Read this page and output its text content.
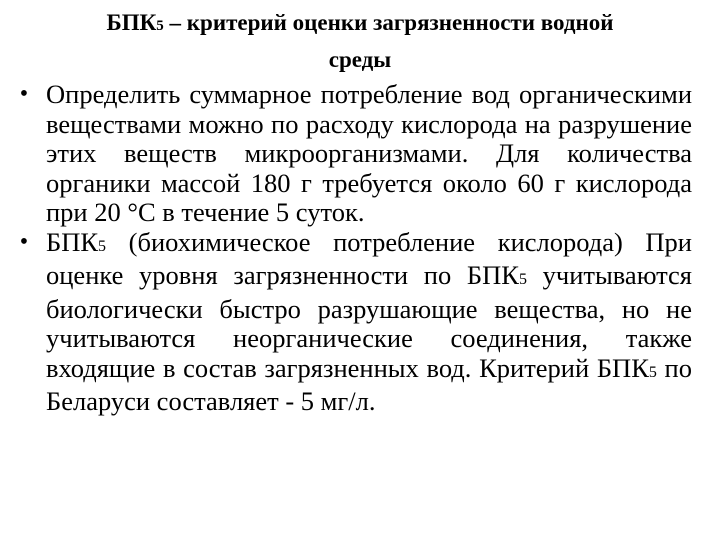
БПК5 – критерий оценки загрязненности водной
среды
• Определить суммарное потребление вод органическими веществами можно по расходу кислорода на разрушение этих веществ микроорганизмами. Для количества органики массой 180 г требуется около 60 г кислорода при 20 °С в течение 5 суток.
• БПК5 (биохимическое потребление кислорода) При оценке уровня загрязненности по БПК5 учитываются биологически быстро разрушающие вещества, но не учитываются неорганические соединения, также входящие в состав загрязненных вод. Критерий БПК5 по Беларуси составляет - 5 мг/л.
